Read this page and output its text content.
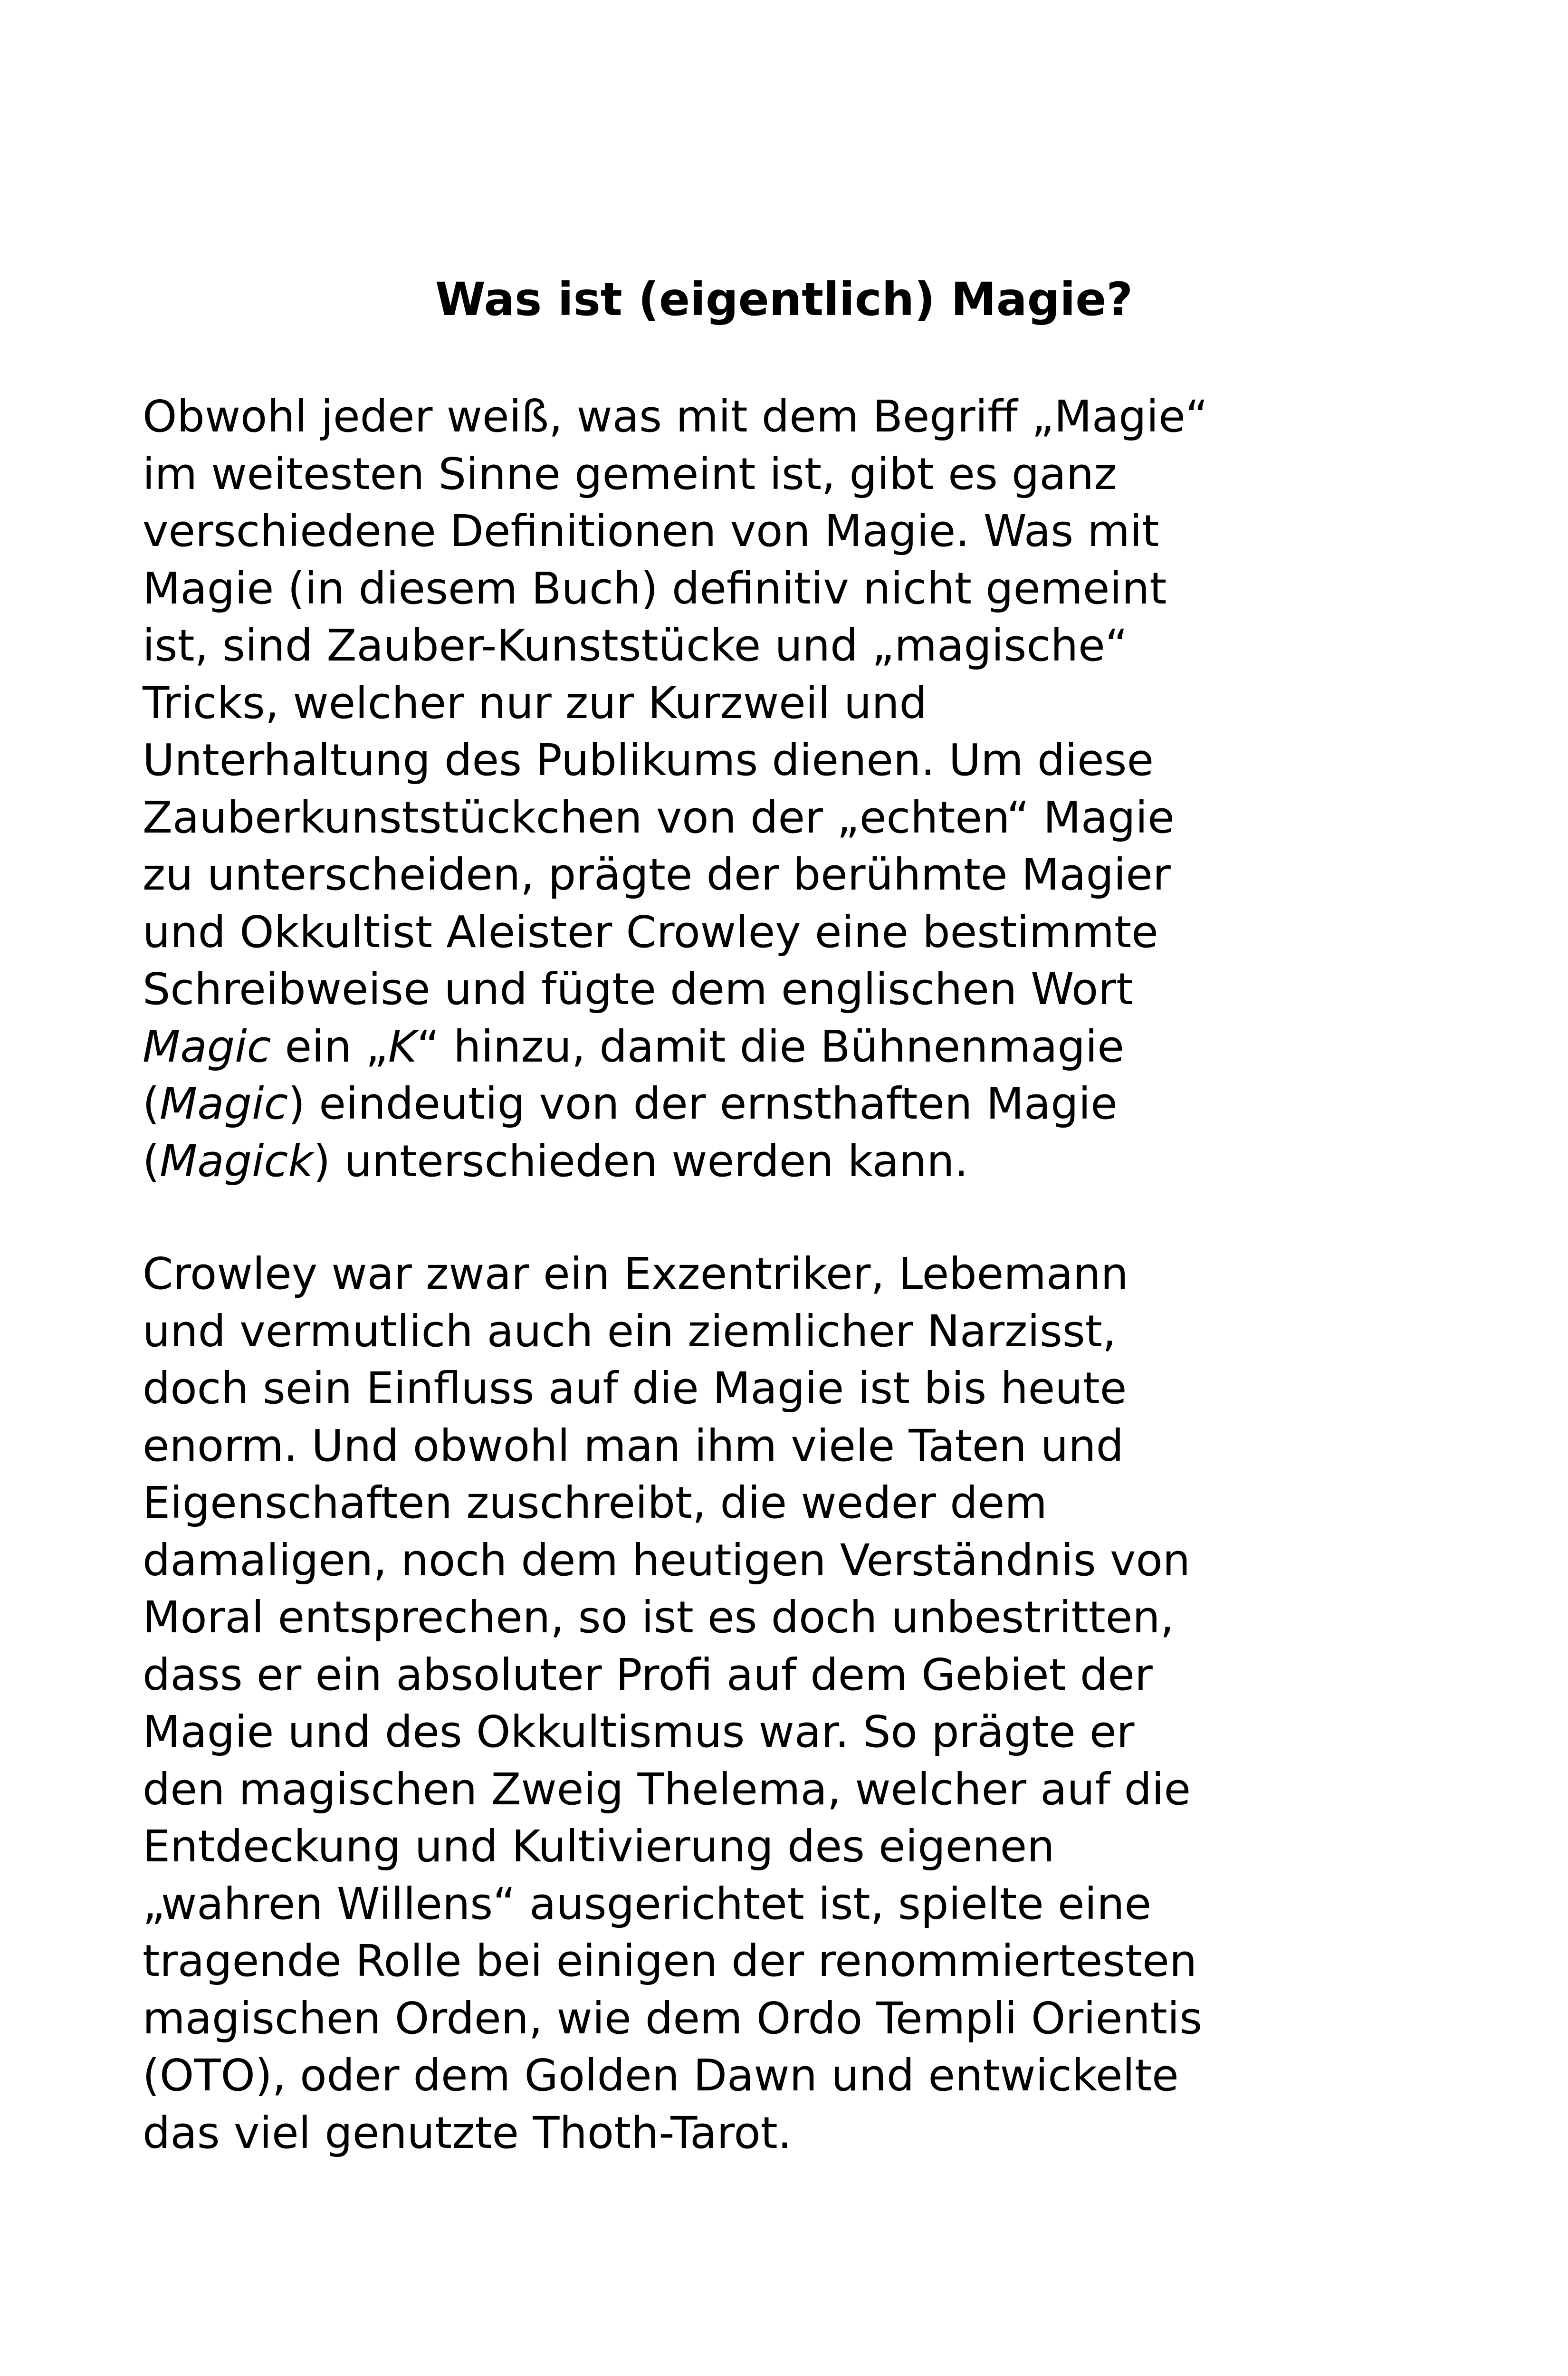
Was ist (eigentlich) Magie?

Obwohl jeder weiß, was mit dem Begriff „Magie“
im weitesten Sinne gemeint ist, gibt es ganz
verschiedene Definitionen von Magie. Was mit
Magie (in diesem Buch) definitiv nicht gemeint
ist, sind Zauber-Kunststücke und „magische“
Tricks, welcher nur zur Kurzweil und
Unterhaltung des Publikums dienen. Um diese
Zauberkunststückchen von der „echten“ Magie
zu unterscheiden, prägte der berühmte Magier
und Okkultist Aleister Crowley eine bestimmte
Schreibweise und fügte dem englischen Wort
Magic ein „K“ hinzu, damit die Bühnenmagie
(Magic) eindeutig von der ernsthaften Magie
(Magick) unterschieden werden kann.

Crowley war zwar ein Exzentriker, Lebemann
und vermutlich auch ein ziemlicher Narzisst,
doch sein Einfluss auf die Magie ist bis heute
enorm. Und obwohl man ihm viele Taten und
Eigenschaften zuschreibt, die weder dem
damaligen, noch dem heutigen Verständnis von
Moral entsprechen, so ist es doch unbestritten,
dass er ein absoluter Profi auf dem Gebiet der
Magie und des Okkultismus war. So prägte er
den magischen Zweig Thelema, welcher auf die
Entdeckung und Kultivierung des eigenen
„wahren Willens“ ausgerichtet ist, spielte eine
tragende Rolle bei einigen der renommiertesten
magischen Orden, wie dem Ordo Templi Orientis
(OTO), oder dem Golden Dawn und entwickelte
das viel genutzte Thoth-Tarot.
